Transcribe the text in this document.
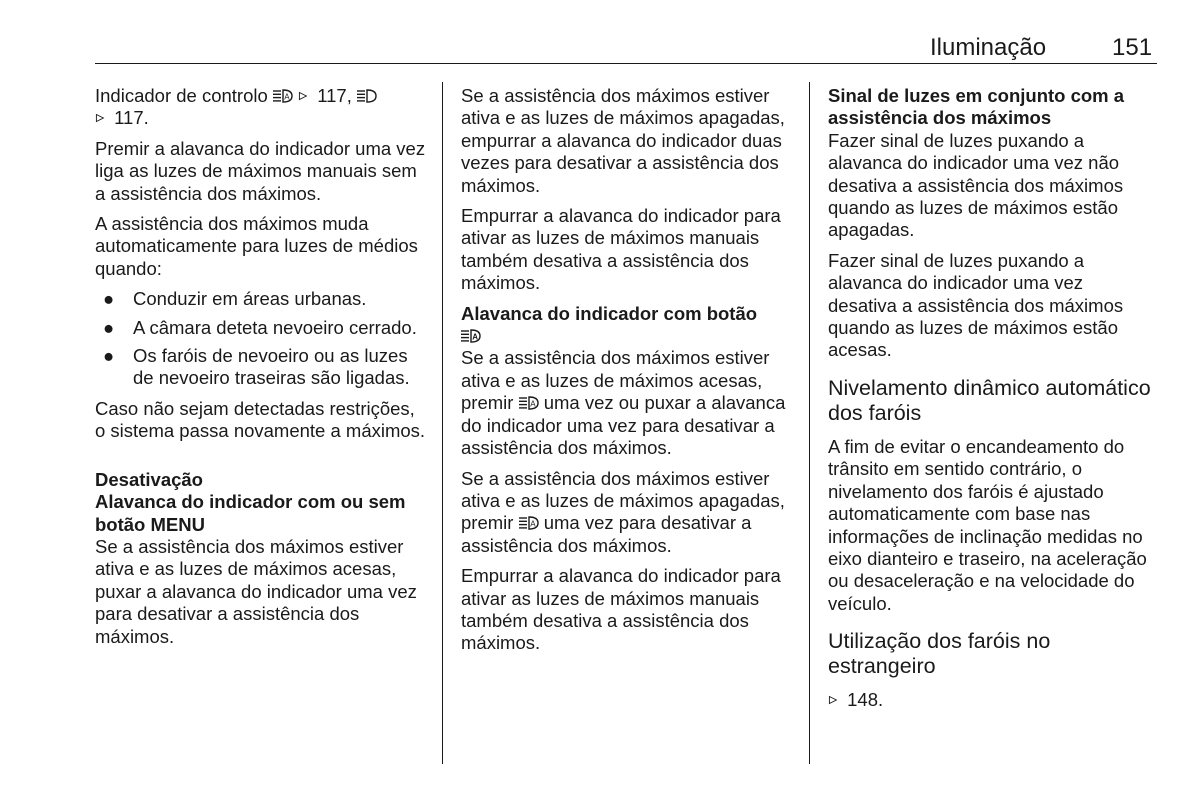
Iluminação	151

Indicador de controlo A 117,
117.

Premir a alavanca do indicador uma vez liga as luzes de máximos manuais sem a assistência dos máximos.

A assistência dos máximos muda automaticamente para luzes de médios quando:

● Conduzir em áreas urbanas.
● A câmara deteta nevoeiro cerrado.
● Os faróis de nevoeiro ou as luzes de nevoeiro traseiras são ligadas.

Caso não sejam detectadas restrições, o sistema passa novamente a máximos.

Desativação
Alavanca do indicador com ou sem botão MENU

Se a assistência dos máximos estiver ativa e as luzes de máximos acesas, puxar a alavanca do indicador uma vez para desativar a assistência dos máximos.

Se a assistência dos máximos estiver ativa e as luzes de máximos apagadas, empurrar a alavanca do indicador duas vezes para desativar a assistência dos máximos.

Empurrar a alavanca do indicador para ativar as luzes de máximos manuais também desativa a assistência dos máximos.

Alavanca do indicador com botão

A

Se a assistência dos máximos estiver ativa e as luzes de máximos acesas, premir A uma vez ou puxar a alavanca do indicador uma vez para desativar a assistência dos máximos.

Se a assistência dos máximos estiver ativa e as luzes de máximos apagadas, premir A uma vez para desativar a assistência dos máximos.

Empurrar a alavanca do indicador para ativar as luzes de máximos manuais também desativa a assistência dos máximos.

Sinal de luzes em conjunto com a assistência dos máximos

Fazer sinal de luzes puxando a alavanca do indicador uma vez não desativa a assistência dos máximos quando as luzes de máximos estão apagadas.

Fazer sinal de luzes puxando a alavanca do indicador uma vez desativa a assistência dos máximos quando as luzes de máximos estão acesas.

Nivelamento dinâmico automático dos faróis

A fim de evitar o encandeamento do trânsito em sentido contrário, o nivelamento dos faróis é ajustado automaticamente com base nas informações de inclinação medidas no eixo dianteiro e traseiro, na aceleração ou desaceleração e na velocidade do veículo.

Utilização dos faróis no estrangeiro

148.
